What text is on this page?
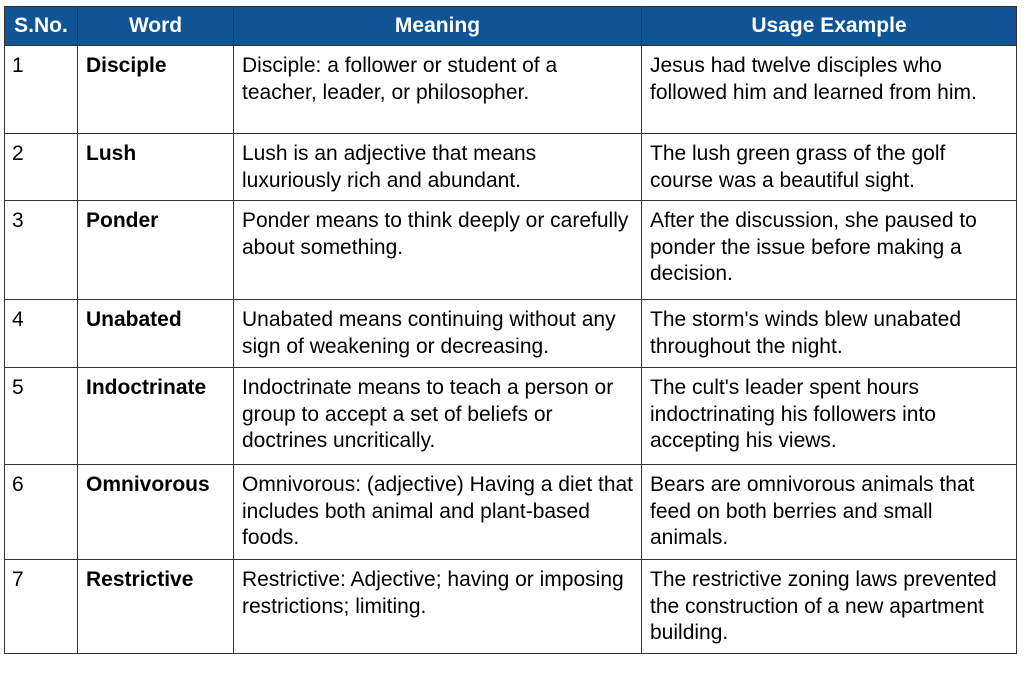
S.No.	Word	Meaning	Usage Example
1	Disciple	Disciple: a follower or student of a teacher, leader, or philosopher.	Jesus had twelve disciples who followed him and learned from him.
2	Lush	Lush is an adjective that means luxuriously rich and abundant.	The lush green grass of the golf course was a beautiful sight.
3	Ponder	Ponder means to think deeply or carefully about something.	After the discussion, she paused to ponder the issue before making a decision.
4	Unabated	Unabated means continuing without any sign of weakening or decreasing.	The storm's winds blew unabated throughout the night.
5	Indoctrinate	Indoctrinate means to teach a person or group to accept a set of beliefs or doctrines uncritically.	The cult's leader spent hours indoctrinating his followers into accepting his views.
6	Omnivorous	Omnivorous: (adjective) Having a diet that includes both animal and plant-based foods.	Bears are omnivorous animals that feed on both berries and small animals.
7	Restrictive	Restrictive: Adjective; having or imposing restrictions; limiting.	The restrictive zoning laws prevented the construction of a new apartment building.
